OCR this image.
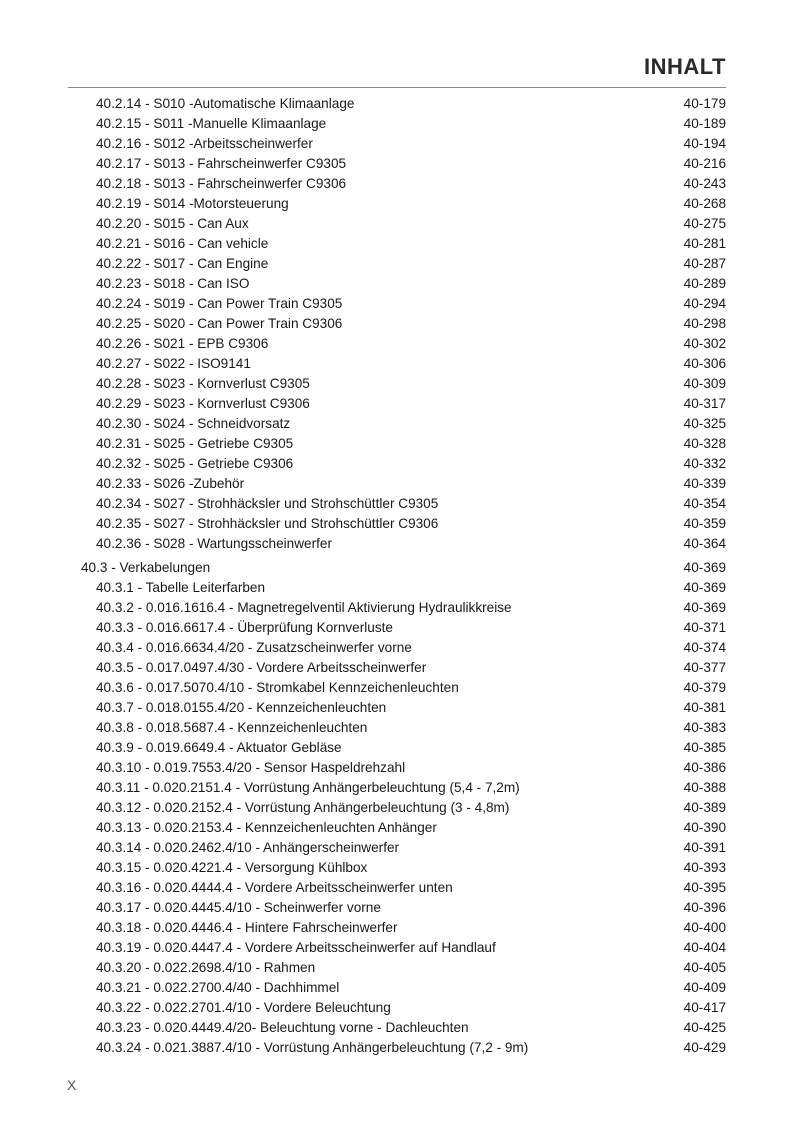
INHALT
40.2.14 - S010 -Automatische Klimaanlage	40-179
40.2.15 - S011 -Manuelle Klimaanlage	40-189
40.2.16 - S012 -Arbeitsscheinwerfer	40-194
40.2.17 - S013 - Fahrscheinwerfer C9305	40-216
40.2.18 - S013 - Fahrscheinwerfer C9306	40-243
40.2.19 - S014 -Motorsteuerung	40-268
40.2.20 - S015 - Can Aux	40-275
40.2.21 - S016 - Can vehicle	40-281
40.2.22 - S017 - Can Engine	40-287
40.2.23 - S018 - Can ISO	40-289
40.2.24 - S019 - Can Power Train C9305	40-294
40.2.25 - S020 - Can Power Train C9306	40-298
40.2.26 - S021 - EPB C9306	40-302
40.2.27 - S022 - ISO9141	40-306
40.2.28 - S023 - Kornverlust C9305	40-309
40.2.29 - S023 - Kornverlust C9306	40-317
40.2.30 - S024 - Schneidvorsatz	40-325
40.2.31 - S025 - Getriebe C9305	40-328
40.2.32 - S025 - Getriebe C9306	40-332
40.2.33 - S026 -Zubehör	40-339
40.2.34 - S027 - Strohhäcksler und Strohschüttler C9305	40-354
40.2.35 - S027 - Strohhäcksler und Strohschüttler C9306	40-359
40.2.36 - S028 - Wartungsscheinwerfer	40-364
40.3 - Verkabelungen	40-369
40.3.1 - Tabelle Leiterfarben	40-369
40.3.2 - 0.016.1616.4 - Magnetregelventil Aktivierung Hydraulikkreise	40-369
40.3.3 - 0.016.6617.4 - Überprüfung Kornverluste	40-371
40.3.4 - 0.016.6634.4/20 - Zusatzscheinwerfer vorne	40-374
40.3.5 - 0.017.0497.4/30 - Vordere Arbeitsscheinwerfer	40-377
40.3.6 - 0.017.5070.4/10 - Stromkabel Kennzeichenleuchten	40-379
40.3.7 - 0.018.0155.4/20 - Kennzeichenleuchten	40-381
40.3.8 - 0.018.5687.4 - Kennzeichenleuchten	40-383
40.3.9 - 0.019.6649.4 - Aktuator Gebläse	40-385
40.3.10 - 0.019.7553.4/20 - Sensor Haspeldrehzahl	40-386
40.3.11 - 0.020.2151.4 - Vorrüstung Anhängerbeleuchtung (5,4 - 7,2m)	40-388
40.3.12 - 0.020.2152.4 - Vorrüstung Anhängerbeleuchtung (3 - 4,8m)	40-389
40.3.13 - 0.020.2153.4 - Kennzeichenleuchten Anhänger	40-390
40.3.14 - 0.020.2462.4/10 - Anhängerscheinwerfer	40-391
40.3.15 - 0.020.4221.4 - Versorgung Kühlbox	40-393
40.3.16 - 0.020.4444.4 - Vordere Arbeitsscheinwerfer unten	40-395
40.3.17 - 0.020.4445.4/10 - Scheinwerfer vorne	40-396
40.3.18 - 0.020.4446.4 - Hintere Fahrscheinwerfer	40-400
40.3.19 - 0.020.4447.4 - Vordere Arbeitsscheinwerfer auf Handlauf	40-404
40.3.20 - 0.022.2698.4/10 - Rahmen	40-405
40.3.21 - 0.022.2700.4/40 - Dachhimmel	40-409
40.3.22 - 0.022.2701.4/10 - Vordere Beleuchtung	40-417
40.3.23 - 0.020.4449.4/20- Beleuchtung vorne - Dachleuchten	40-425
40.3.24 - 0.021.3887.4/10 - Vorrüstung Anhängerbeleuchtung (7,2 - 9m)	40-429
X
